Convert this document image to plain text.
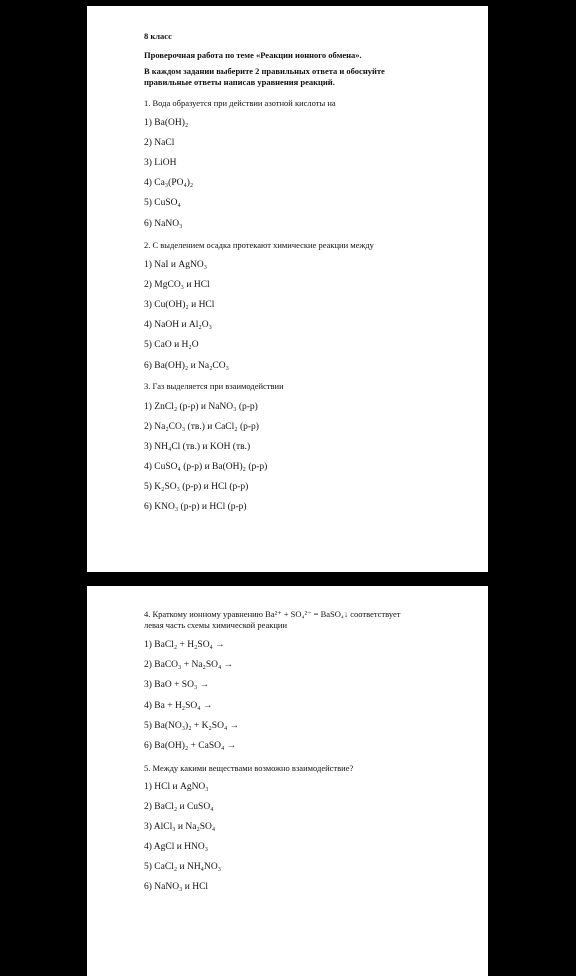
8 класс
Проверочная работа по теме «Реакции ионного обмена».
В каждом задании выберите 2 правильных ответа и обоснуйте
правильные ответы написав уравнения реакций.
1. Вода образуется при действии азотной кислоты на
1) Ba(OH)₂
2) NaCl
3) LiOH
4) Ca₃(PO₄)₂
5) CuSO₄
6) NaNO₃
2. С выделением осадка протекают химические реакции между
1) NaI и AgNO₃
2) MgCO₃ и HCl
3) Cu(OH)₂ и HCl
4) NaOH и Al₂O₃
5) CaO и H₂O
6) Ba(OH)₂ и Na₂CO₃
3. Газ выделяется при взаимодействии
1) ZnCl₂ (р-р) и NaNO₃ (р-р)
2) Na₂CO₃ (тв.) и CaCl₂ (р-р)
3) NH₄Cl (тв.) и KOH (тв.)
4) CuSO₄ (р-р) и Ba(OH)₂ (р-р)
5) K₂SO₃ (р-р) и HCl (р-р)
6) KNO₃ (р-р) и HCl (р-р)
4. Краткому ионному уравнению Ba²⁺ + SO₄²⁻ = BaSO₄↓ соответствует
левая часть схемы химической реакции
1) BaCl₂ + H₂SO₄ →
2) BaCO₃ + Na₂SO₄ →
3) BaO + SO₃ →
4) Ba + H₂SO₄ →
5) Ba(NO₃)₂ + K₂SO₄ →
6) Ba(OH)₂ + CaSO₄ →
5. Между какими веществами возможно взаимодействие?
1) HCl и AgNO₃
2) BaCl₂ и CuSO₄
3) AlCl₃ и Na₂SO₄
4) AgCl и HNO₃
5) CaCl₂ и NH₄NO₃
6) NaNO₃ и HCl
